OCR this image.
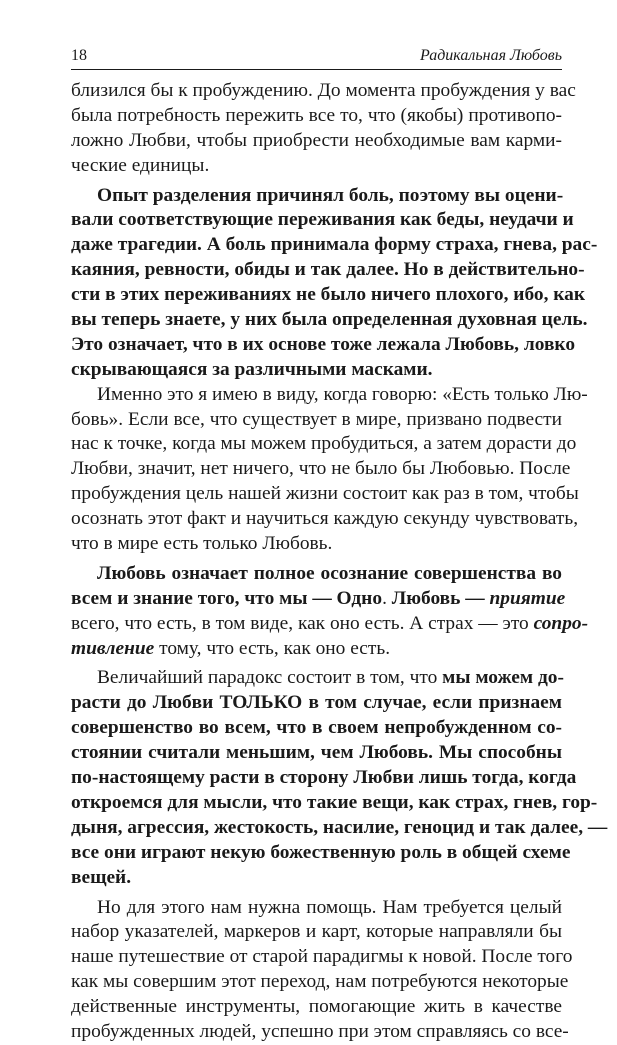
18	Радикальная Любовь
близился бы к пробуждению. До момента пробуждения у вас
была потребность пережить все то, что (якобы) противопо-
ложно Любви, чтобы приобрести необходимые вам карми-
ческие единицы.
Опыт разделения причинял боль, поэтому вы оцени-
вали соответствующие переживания как беды, неудачи и
даже трагедии. А боль принимала форму страха, гнева, рас-
каяния, ревности, обиды и так далее. Но в действительно-
сти в этих переживаниях не было ничего плохого, ибо, как
вы теперь знаете, у них была определенная духовная цель.
Это означает, что в их основе тоже лежала Любовь, ловко
скрывающаяся за различными масками.
Именно это я имею в виду, когда говорю: «Есть только Лю-
бовь». Если все, что существует в мире, призвано подвести
нас к точке, когда мы можем пробудиться, а затем дорасти до
Любви, значит, нет ничего, что не было бы Любовью. После
пробуждения цель нашей жизни состоит как раз в том, чтобы
осознать этот факт и научиться каждую секунду чувствовать,
что в мире есть только Любовь.
Любовь означает полное осознание совершенства во
всем и знание того, что мы — Одно. Любовь — приятие
всего, что есть, в том виде, как оно есть. А страх — это сопро-
тивление тому, что есть, как оно есть.
Величайший парадокс состоит в том, что мы можем до-
расти до Любви ТОЛЬКО в том случае, если признаем
совершенство во всем, что в своем непробужденном со-
стоянии считали меньшим, чем Любовь. Мы способны
по-настоящему расти в сторону Любви лишь тогда, когда
откроемся для мысли, что такие вещи, как страх, гнев, гор-
дыня, агрессия, жестокость, насилие, геноцид и так далее, —
все они играют некую божественную роль в общей схеме
вещей.
Но для этого нам нужна помощь. Нам требуется целый
набор указателей, маркеров и карт, которые направляли бы
наше путешествие от старой парадигмы к новой. После того
как мы совершим этот переход, нам потребуются некоторые
действенные инструменты, помогающие жить в качестве
пробужденных людей, успешно при этом справляясь со все-
